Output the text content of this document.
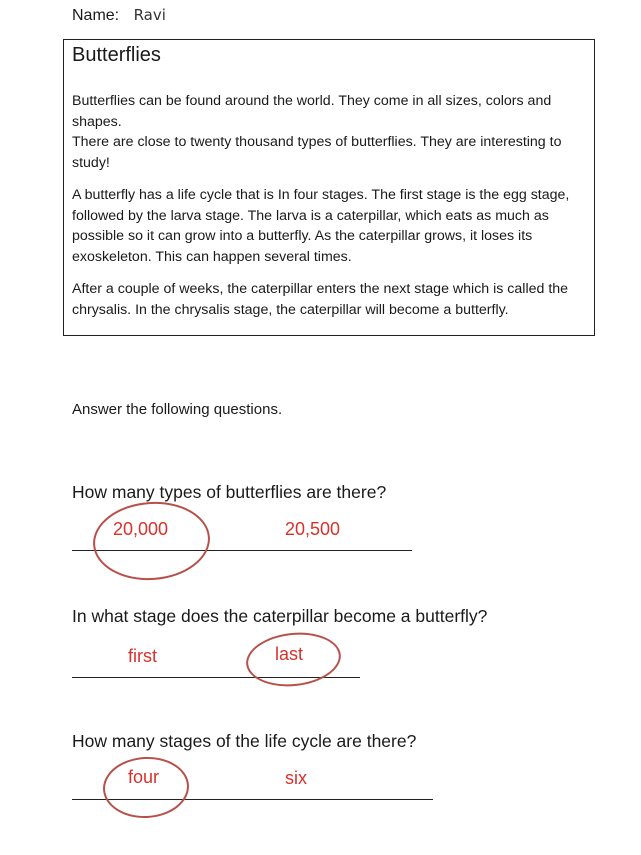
Name: Ravi
Butterflies

Butterflies can be found around the world. They come in all sizes, colors and shapes.
There are close to twenty thousand types of butterflies. They are interesting to study!

A butterfly has a life cycle that is In four stages. The first stage is the egg stage, followed by the larva stage. The larva is a caterpillar, which eats as much as possible so it can grow into a butterfly. As the caterpillar grows, it loses its exoskeleton. This can happen several times.

After a couple of weeks, the caterpillar enters the next stage which is called the chrysalis. In the chrysalis stage, the caterpillar will become a butterfly.

Answer the following questions.
How many types of butterflies are there?
20,000	20,500
In what stage does the caterpillar become a butterfly?
first	last
How many stages of the life cycle are there?
four	six
